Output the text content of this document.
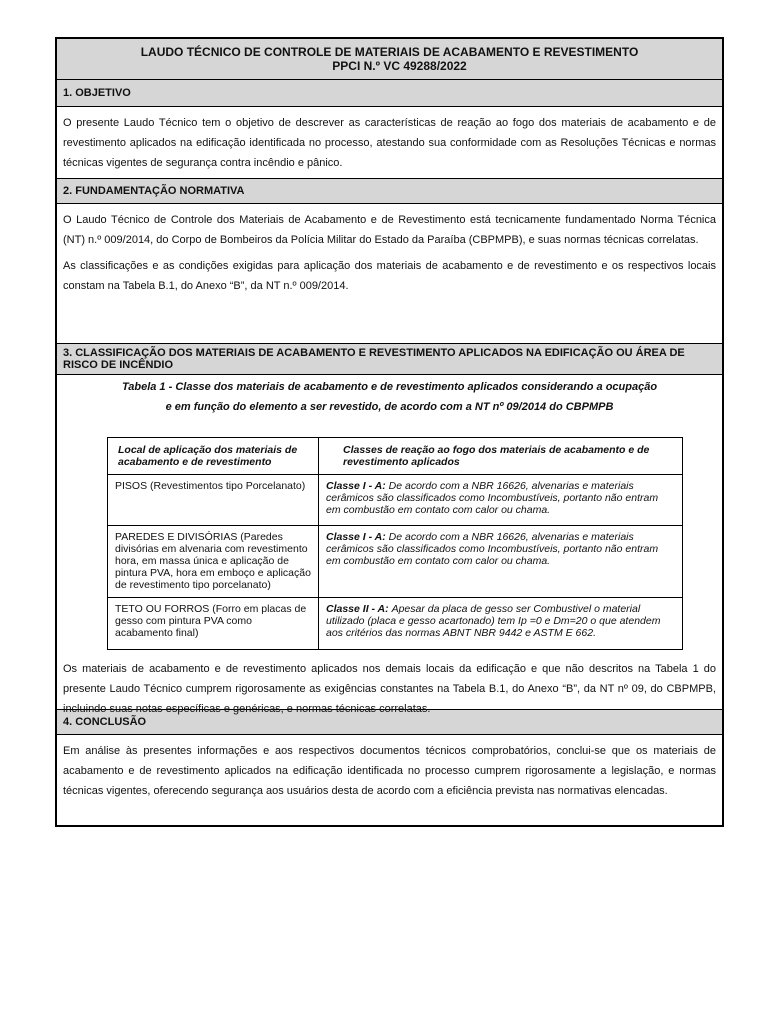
LAUDO TÉCNICO DE CONTROLE DE MATERIAIS DE ACABAMENTO E REVESTIMENTO
PPCI N.º VC 49288/2022
1. OBJETIVO

O presente Laudo Técnico tem o objetivo de descrever as características de reação ao fogo dos materiais de acabamento e de revestimento aplicados na edificação identificada no processo, atestando sua conformidade com as Resoluções Técnicas e normas técnicas vigentes de segurança contra incêndio e pânico.

2. FUNDAMENTAÇÃO NORMATIVA

O Laudo Técnico de Controle dos Materiais de Acabamento e de Revestimento está tecnicamente fundamentado Norma Técnica (NT) n.º 009/2014, do Corpo de Bombeiros da Polícia Militar do Estado da Paraíba (CBPMPB), e suas normas técnicas correlatas.

As classificações e as condições exigidas para aplicação dos materiais de acabamento e de revestimento e os respectivos locais constam na Tabela B.1, do Anexo “B”, da NT n.º 009/2014.

3. CLASSIFICAÇÃO DOS MATERIAIS DE ACABAMENTO E REVESTIMENTO APLICADOS NA EDIFICAÇÃO OU ÁREA DE RISCO DE INCÊNDIO
Tabela 1 - Classe dos materiais de acabamento e de revestimento aplicados considerando a ocupação
e em função do elemento a ser revestido, de acordo com a NT nº 09/2014 do CBPMPB
Local de aplicação dos materiais de acabamento e de revestimento	Classes de reação ao fogo dos materiais de acabamento e de revestimento aplicados
PISOS (Revestimentos tipo Porcelanato)	Classe I - A: De acordo com a NBR 16626, alvenarias e materiais cerâmicos são classificados como Incombustíveis, portanto não entram em combustão em contato com calor ou chama.
PAREDES E DIVISÓRIAS (Paredes divisórias em alvenaria com revestimento hora, em massa única e aplicação de pintura PVA, hora em emboço e aplicação de revestimento tipo porcelanato)	Classe I - A: De acordo com a NBR 16626, alvenarias e materiais cerâmicos são classificados como Incombustíveis, portanto não entram em combustão em contato com calor ou chama.
TETO OU FORROS (Forro em placas de gesso com pintura PVA como acabamento final)	Classe II - A: Apesar da placa de gesso ser Combustivel o material utilizado (placa e gesso acartonado) tem Ip =0 e Dm=20 o que atendem aos critérios das normas ABNT NBR 9442 e ASTM E 662.

Os materiais de acabamento e de revestimento aplicados nos demais locais da edificação e que não descritos na Tabela 1 do presente Laudo Técnico cumprem rigorosamente as exigências constantes na Tabela B.1, do Anexo “B”, da NT nº 09, do CBPMPB, incluindo suas notas específicas e genéricas, e normas técnicas correlatas.

4. CONCLUSÃO

Em análise às presentes informações e aos respectivos documentos técnicos comprobatórios, conclui-se que os materiais de acabamento e de revestimento aplicados na edificação identificada no processo cumprem rigorosamente a legislação, e normas técnicas vigentes, oferecendo segurança aos usuários desta de acordo com a eficiência prevista nas normativas elencadas.
